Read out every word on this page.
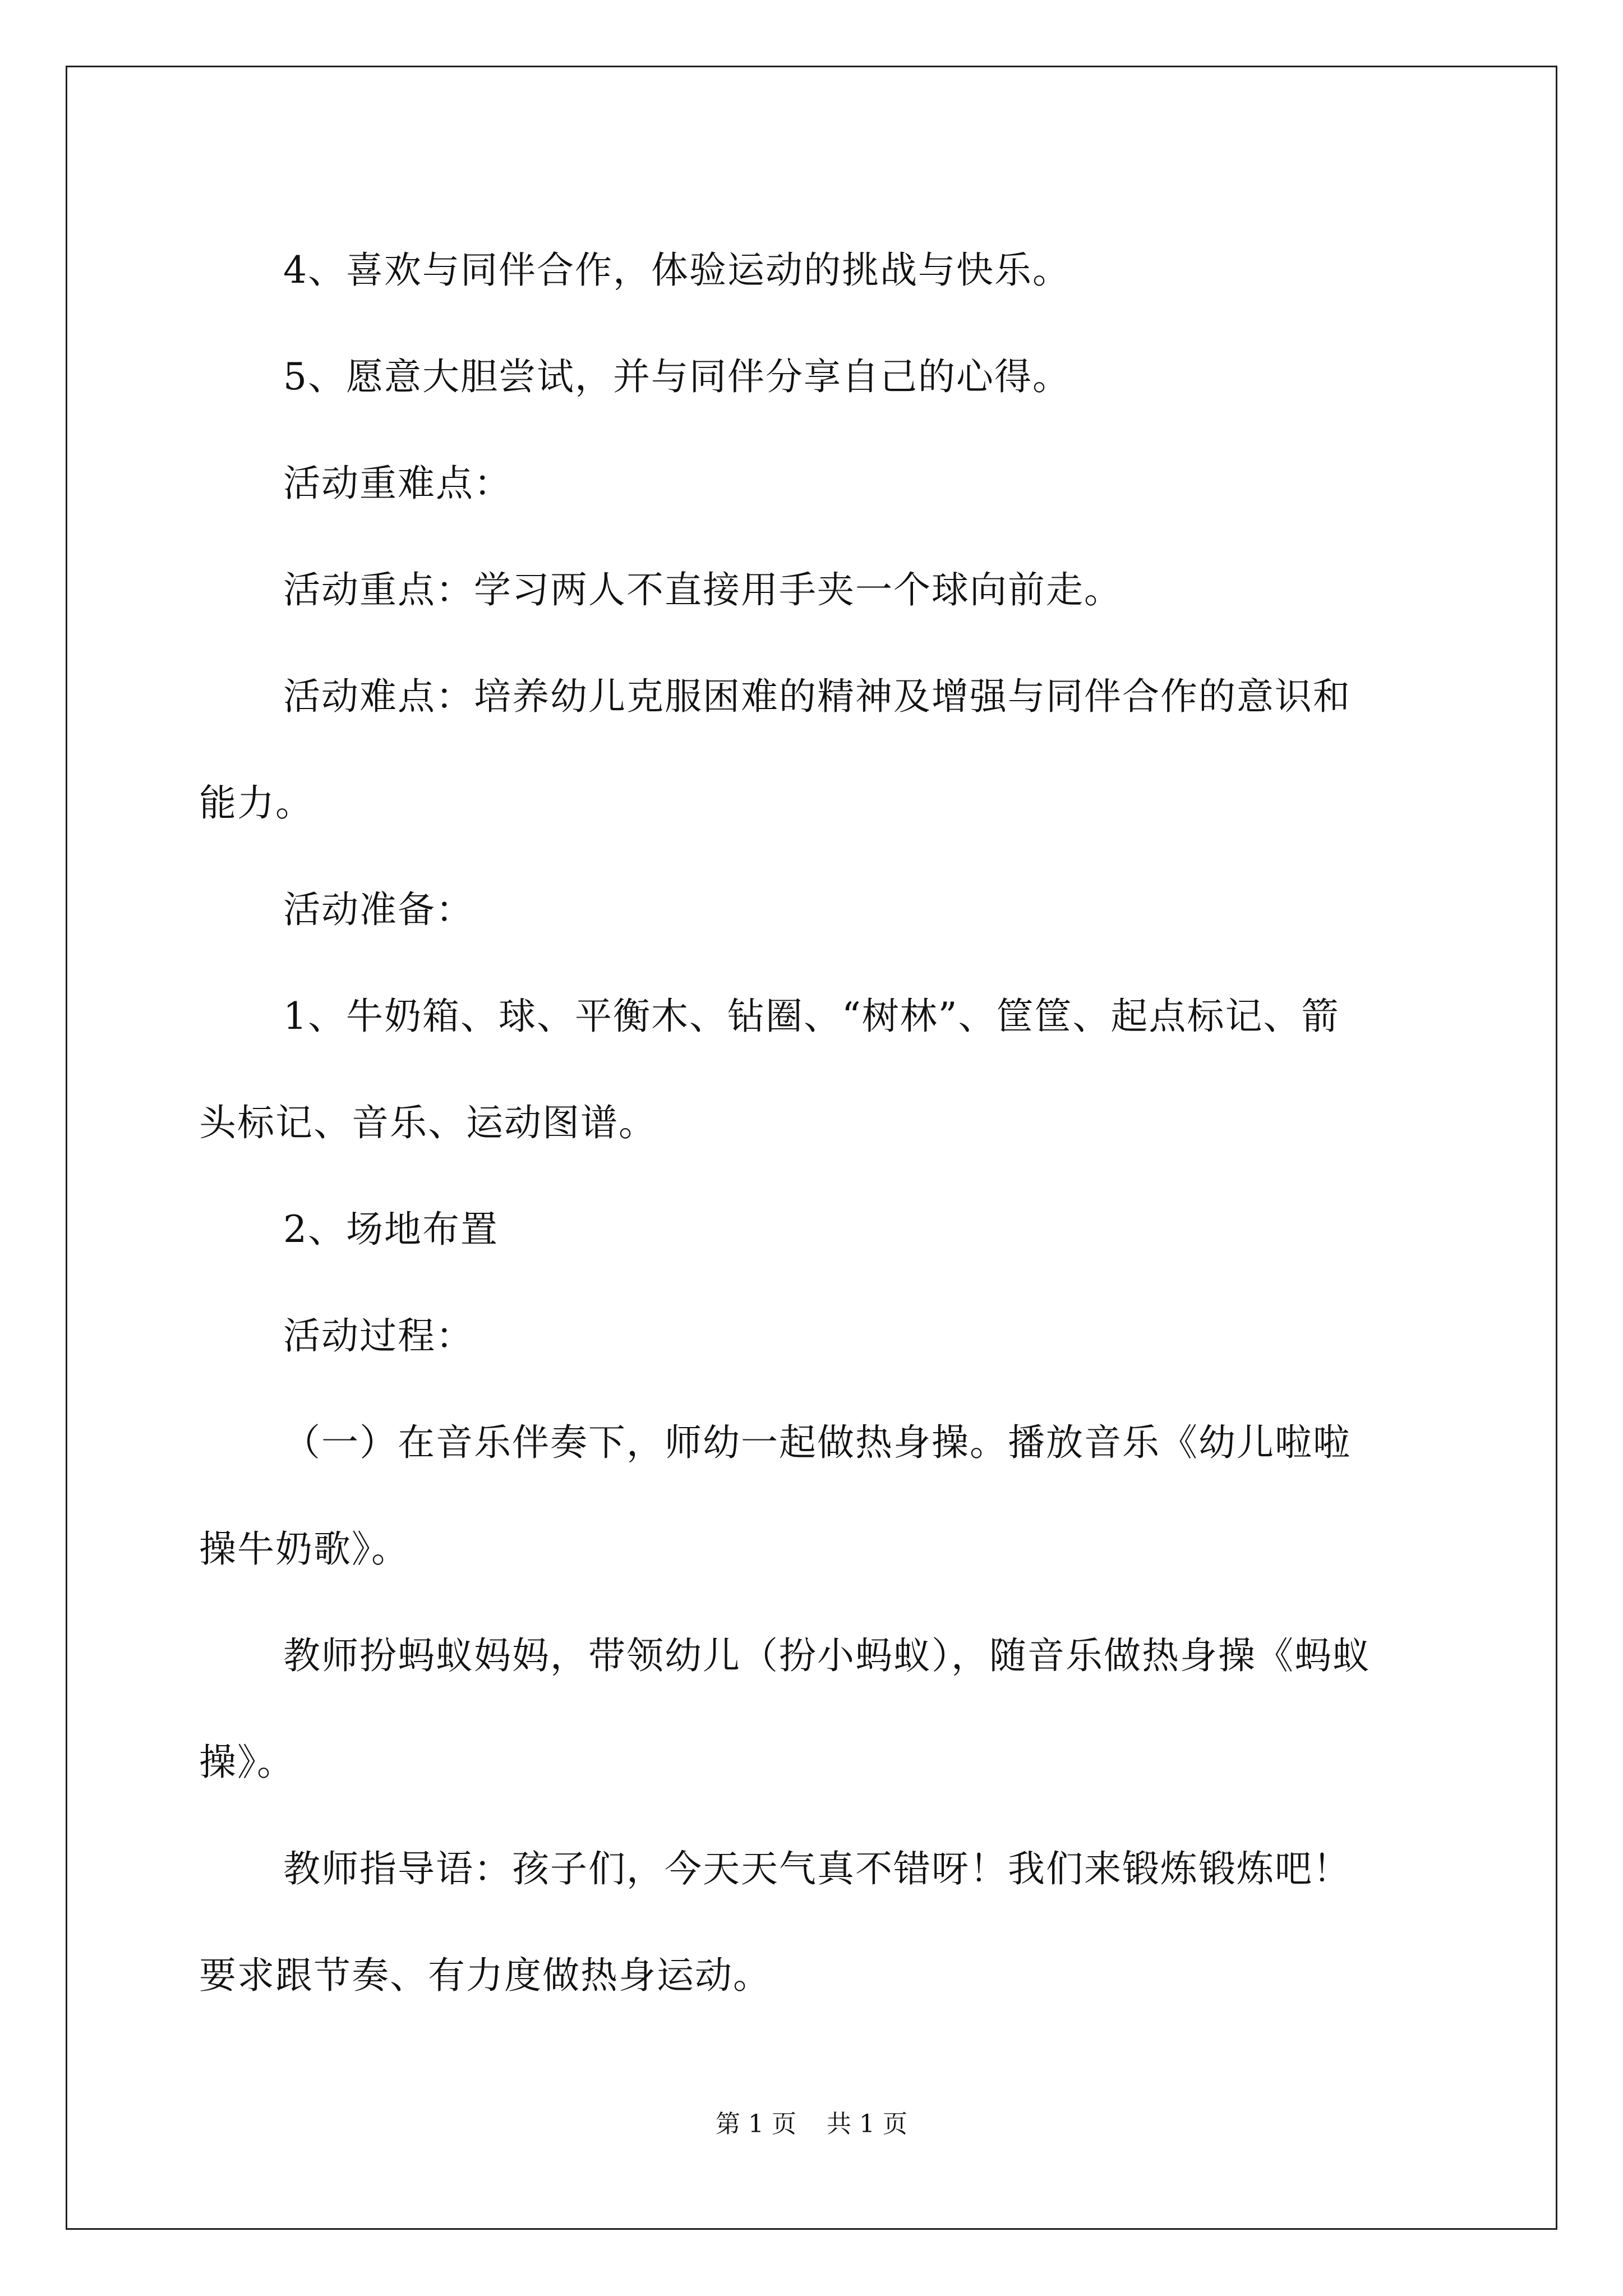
4、喜欢与同伴合作，体验运动的挑战与快乐。

5、愿意大胆尝试，并与同伴分享自己的心得。

活动重难点：

活动重点：学习两人不直接用手夹一个球向前走。

活动难点：培养幼儿克服困难的精神及增强与同伴合作的意识和

能力。

活动准备：

1、牛奶箱、球、平衡木、钻圈、“树林”、筐筐、起点标记、箭

头标记、音乐、运动图谱。

2、场地布置

活动过程：

（一）在音乐伴奏下，师幼一起做热身操。播放音乐《幼儿啦啦

操牛奶歌》。

教师扮蚂蚁妈妈，带领幼儿（扮小蚂蚁），随音乐做热身操《蚂蚁

操》。

教师指导语：孩子们，今天天气真不错呀！我们来锻炼锻炼吧！

要求跟节奏、有力度做热身运动。

第 1 页 共 1 页
